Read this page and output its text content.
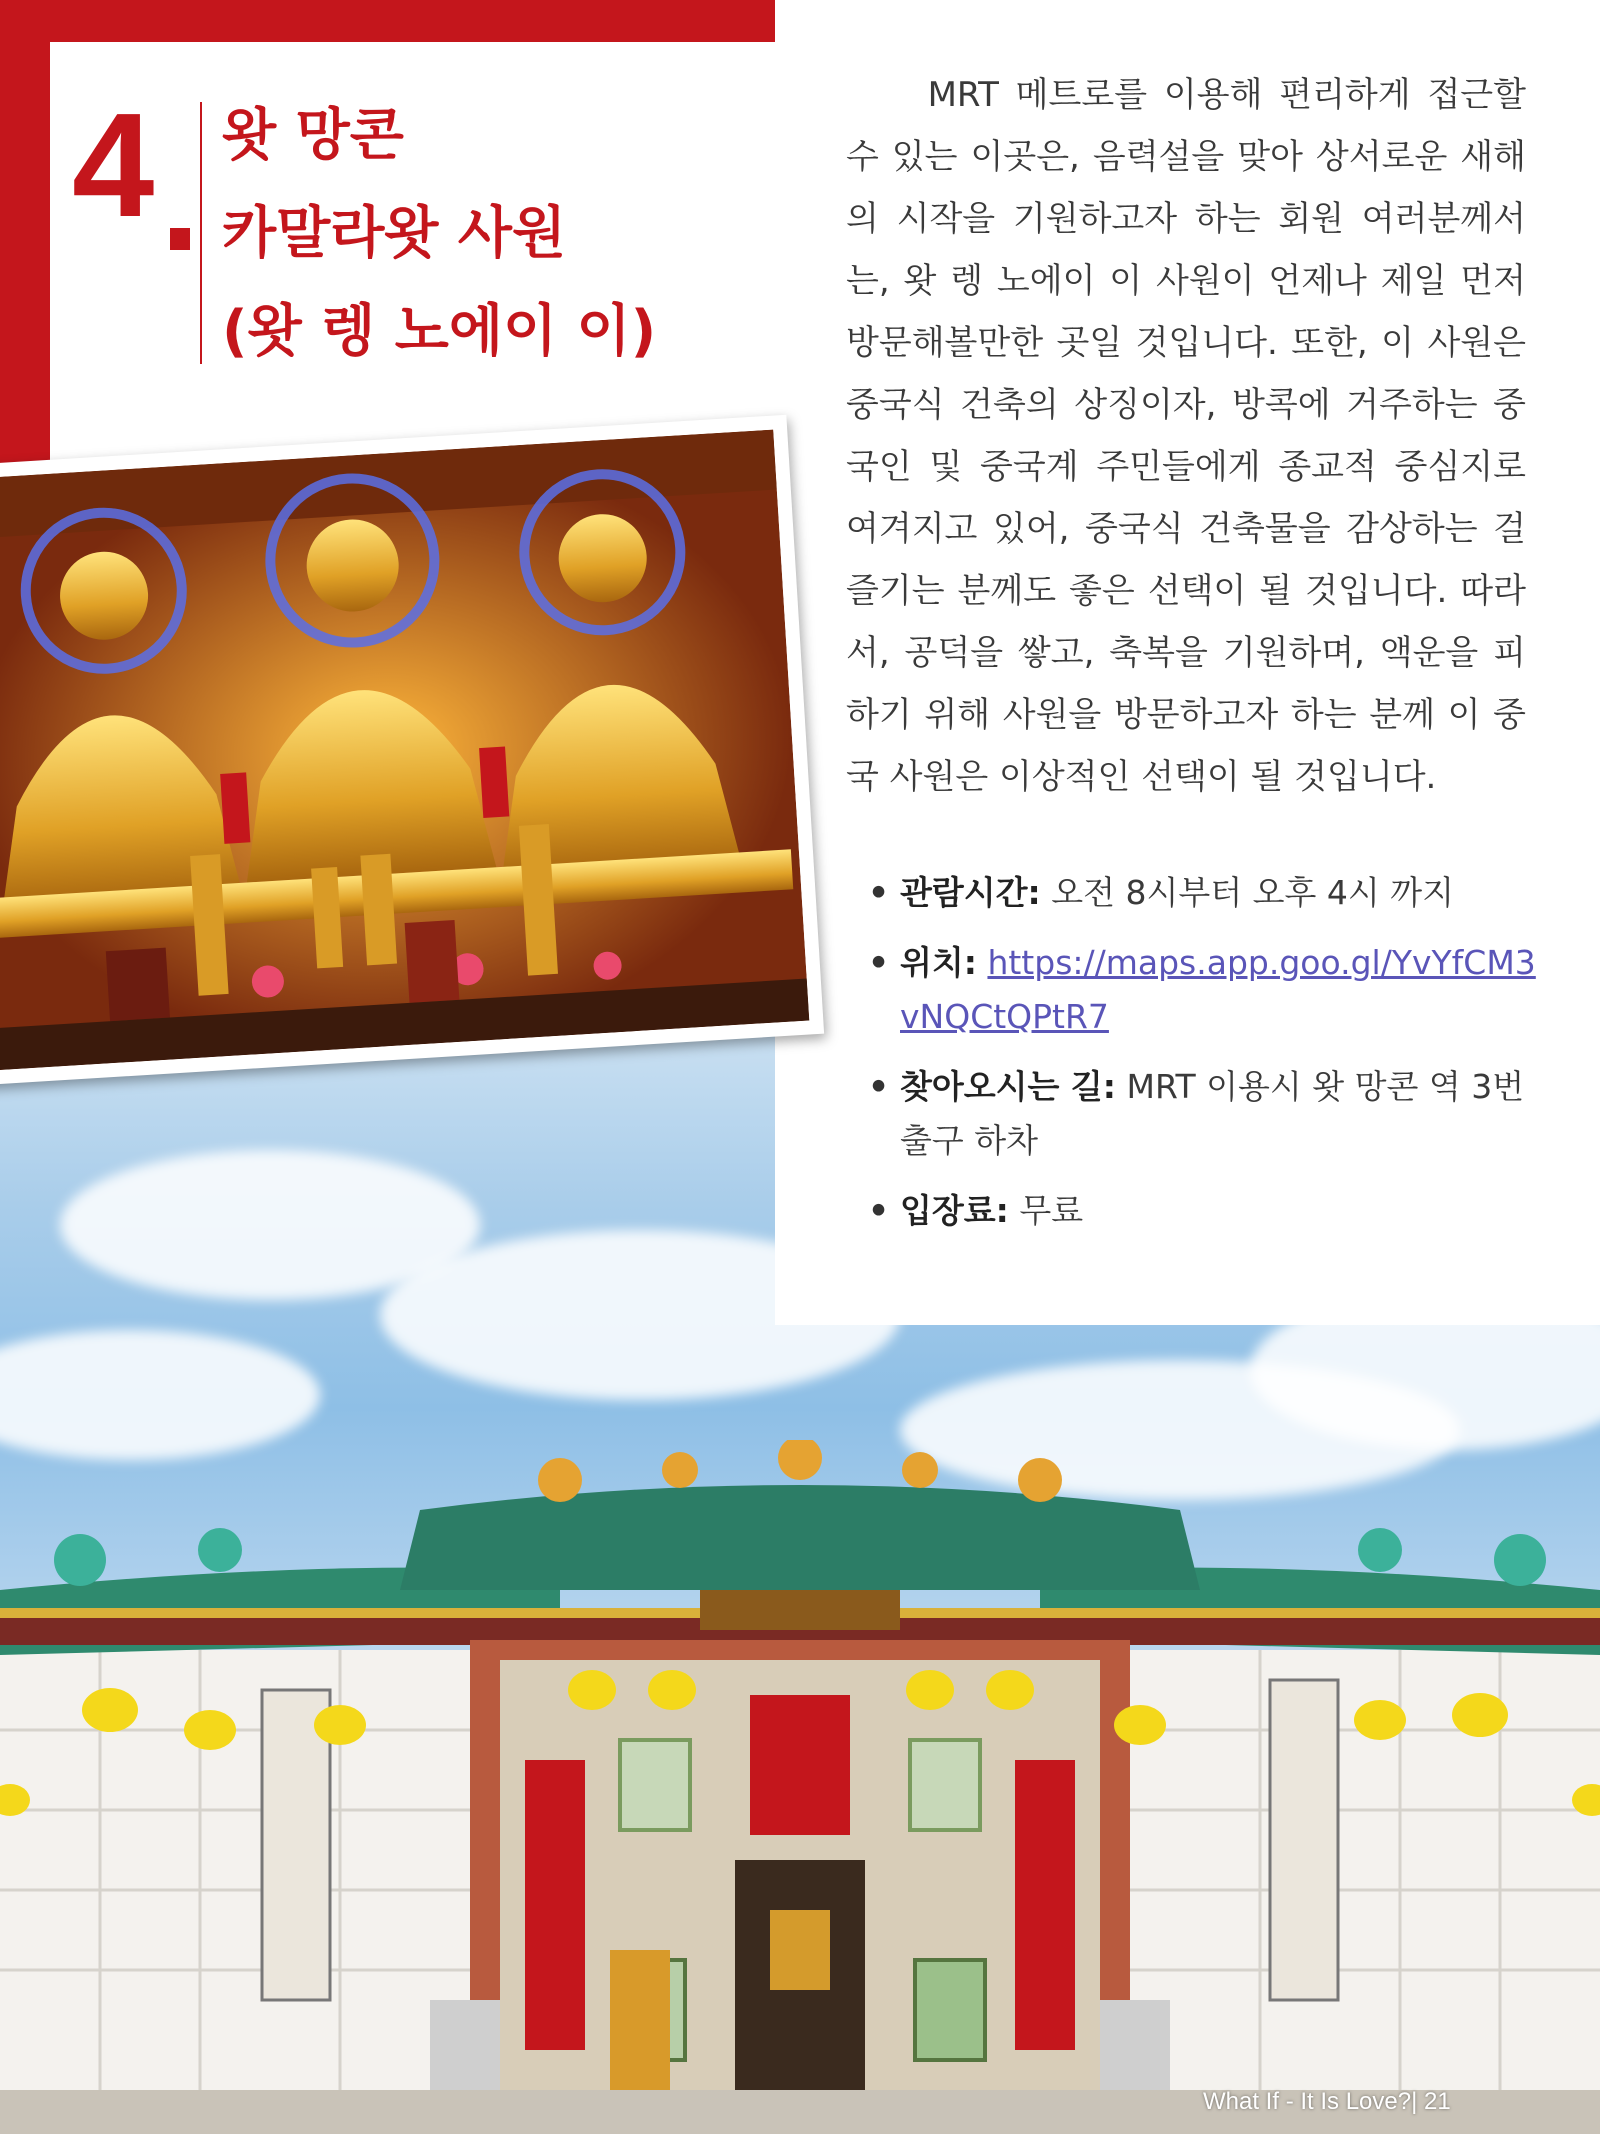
MRT 메트로를 이용해 편리하게 접근할 수 있는 이곳은, 음력설을 맞아 상서로운 새해의 시작을 기원하고자 하는 회원 여러분께서는, 왓 렝 노에이 이 사원이 언제나 제일 먼저 방문해볼만한 곳일 것입니다. 또한, 이 사원은 중국식 건축의 상징이자, 방콕에 거주하는 중국인 및 중국계 주민들에게 종교적 중심지로 여겨지고 있어, 중국식 건축물을 감상하는 걸 즐기는 분께도 좋은 선택이 될 것입니다. 따라서, 공덕을 쌓고, 축복을 기원하며, 액운을 피하기 위해 사원을 방문하고자 하는 분께 이 중국 사원은 이상적인 선택이 될 것입니다.

• 관람시간: 오전 8시부터 오후 4시 까지
• 위치: https://maps.app.goo.gl/YvYfCM3vNQCtQPtR7
• 찾아오시는 길: MRT 이용시 왓 망콘 역 3번 출구 하차
• 입장료: 무료
4 왓 망콘
카말라왓 사원
(왓 렝 노에이 이)
What If - It Is Love?| 21
